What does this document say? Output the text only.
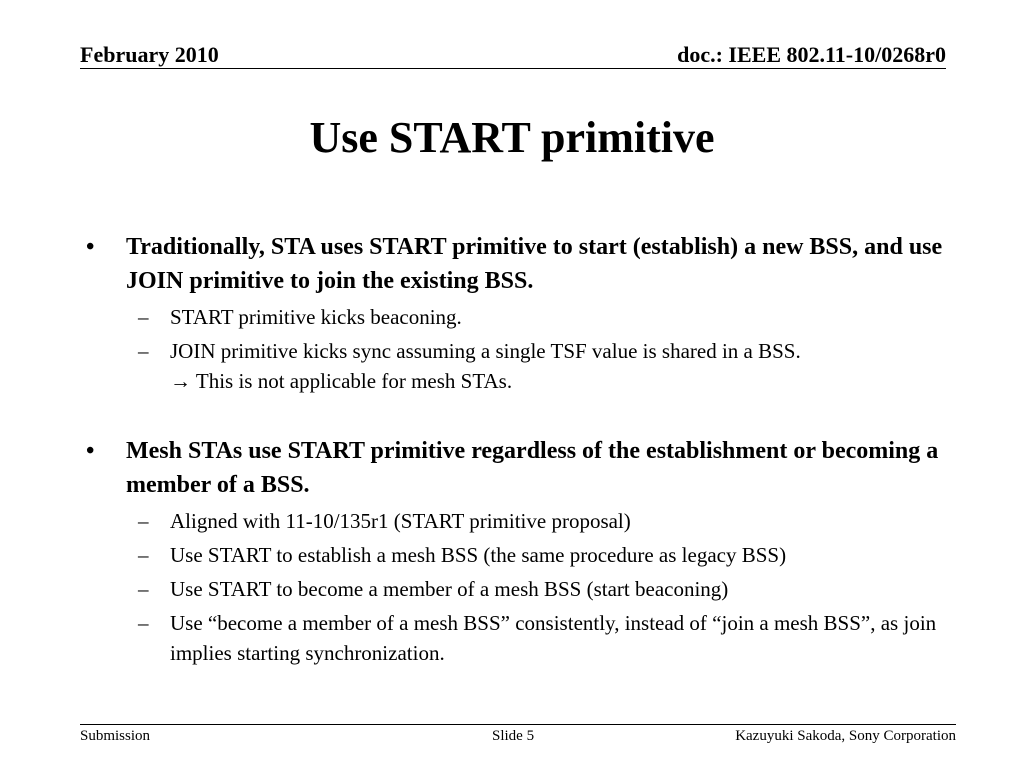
February 2010	doc.: IEEE 802.11-10/0268r0
Use START primitive
• Traditionally, STA uses START primitive to start (establish) a new BSS, and use JOIN primitive to join the existing BSS.
– START primitive kicks beaconing.
– JOIN primitive kicks sync assuming a single TSF value is shared in a BSS.
→ This is not applicable for mesh STAs.
• Mesh STAs use START primitive regardless of the establishment or becoming a member of a BSS.
– Aligned with 11-10/135r1 (START primitive proposal)
– Use START to establish a mesh BSS (the same procedure as legacy BSS)
– Use START to become a member of a mesh BSS (start beaconing)
– Use “become a member of a mesh BSS” consistently, instead of “join a mesh BSS”, as join implies starting synchronization.
Submission	Slide 5	Kazuyuki Sakoda, Sony Corporation
